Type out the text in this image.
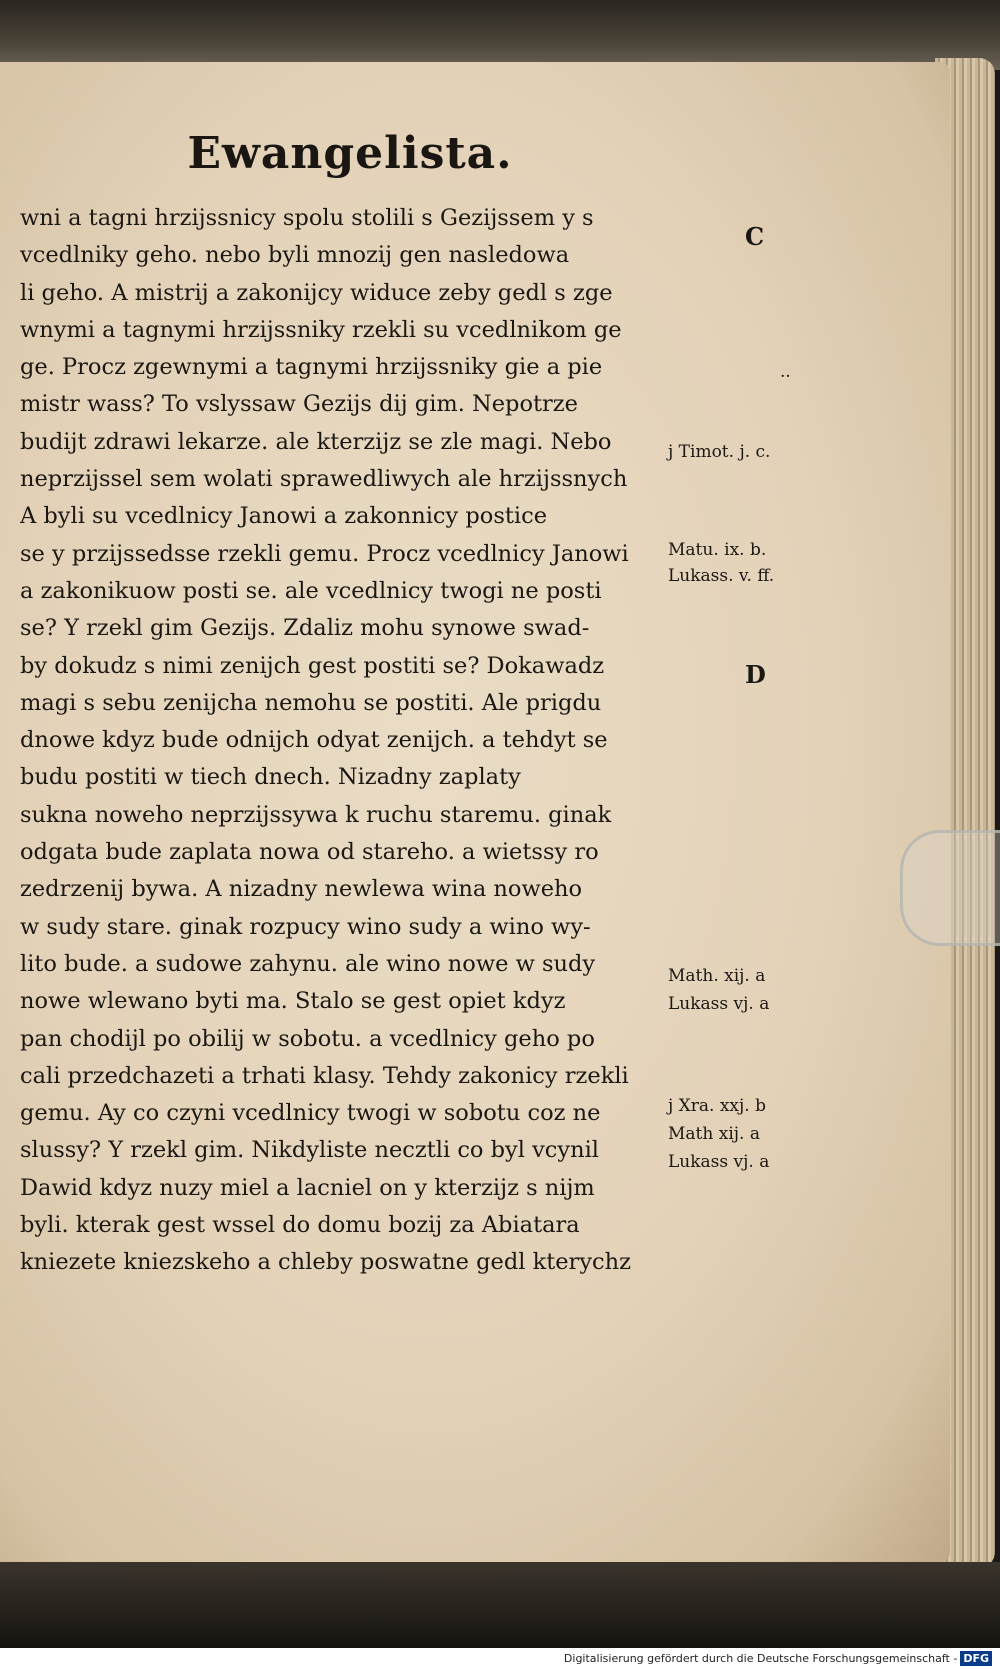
Ewangelista.
wni a tagni hrzijssnicy spolu stolili s Gezijssem y s
vcedlniky geho. nebo byli mnozij gen nasledowa
li geho. A mistrij a zakonijcy widuce zeby gedl s zge
wnymi a tagnymi hrzijssniky rzekli su vcedlnikom ge
ge. Procz zgewnymi a tagnymi hrzijssniky gie a pie
mistr wass? To vslyssaw Gezijs dij gim. Nepotrze
budijt zdrawi lekarze. ale kterzijz se zle magi. Nebo
neprzijssel sem wolati sprawedliwych ale hrzijssnych
A byli su vcedlnicy Janowi a zakonnicy postice
se y przijssedsse rzekli gemu. Procz vcedlnicy Janowi
a zakonikuow posti se. ale vcedlnicy twogi ne posti
se? Y rzekl gim Gezijs. Zdaliz mohu synowe swad-
by dokudz s nimi zenijch gest postiti se? Dokawadz
magi s sebu zenijcha nemohu se postiti. Ale prigdu
dnowe kdyz bude odnijch odyat zenijch. a tehdyt se
budu postiti w tiech dnech. Nizadny zaplaty
sukna noweho neprzijssywa k ruchu staremu. ginak
odgata bude zaplata nowa od stareho. a wietssy ro
zedrzenij bywa. A nizadny newlewa wina noweho
w sudy stare. ginak rozpucy wino sudy a wino wy-
lito bude. a sudowe zahynu. ale wino nowe w sudy
nowe wlewano byti ma. Stalo se gest opiet kdyz
pan chodijl po obilij w sobotu. a vcedlnicy geho po
cali przedchazeti a trhati klasy. Tehdy zakonicy rzekli
gemu. Ay co czyni vcedlnicy twogi w sobotu coz ne
slussy? Y rzekl gim. Nikdyliste necztli co byl vcynil
Dawid kdyz nuzy miel a lacniel on y kterzijz s nijm
byli. kterak gest wssel do domu bozij za Abiatara
kniezete kniezskeho a chleby poswatne gedl kterychz
C
..
j Timot. j. c.
Matu. ix. b.
Lukass. v. ff.
D
Math. xij. a
Lukass vj. a
j Xra. xxj. b
Math xij. a
Lukass vj. a
Digitalisierung gefördert durch die Deutsche Forschungsgemeinschaft - DFG
